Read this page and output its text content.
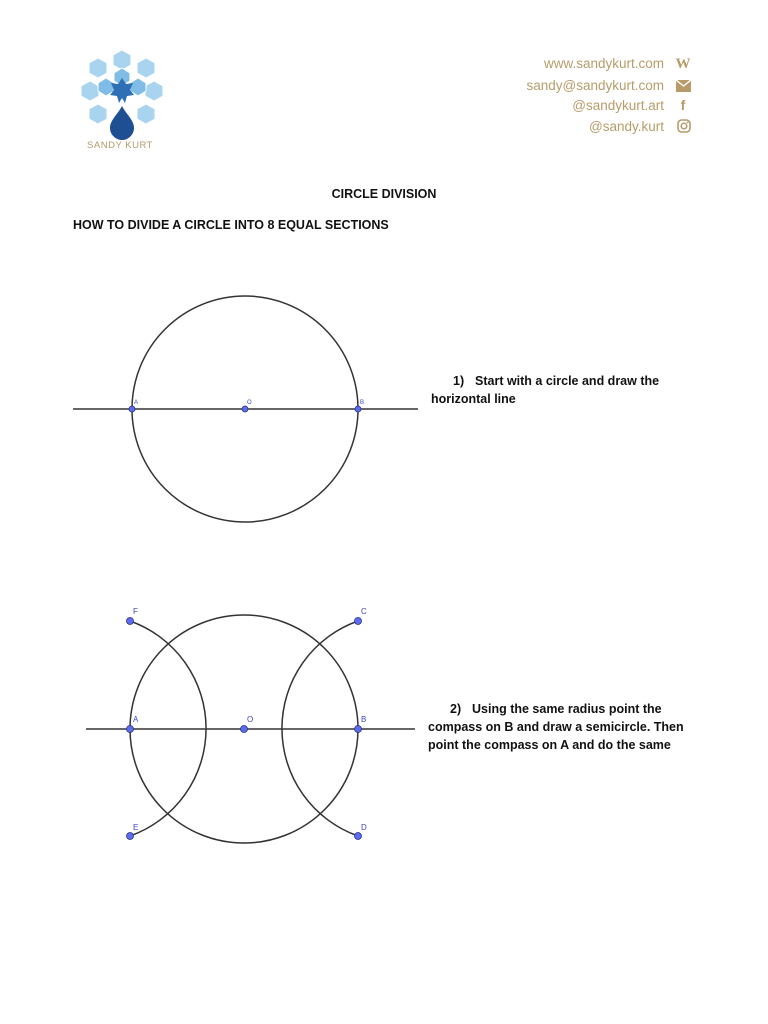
SANDY KURT
www.sandykurt.com W
sandy@sandykurt.com
@sandykurt.art	f
@sandy.kurt
CIRCLE DIVISION
HOW TO DIVIDE A CIRCLE INTO 8 EQUAL SECTIONS
A	O	B
1) Start with a circle and draw the
horizontal line
A	O	B
F	C
E	D
2) Using the same radius point the
compass on B and draw a semicircle. Then
point the compass on A and do the same
